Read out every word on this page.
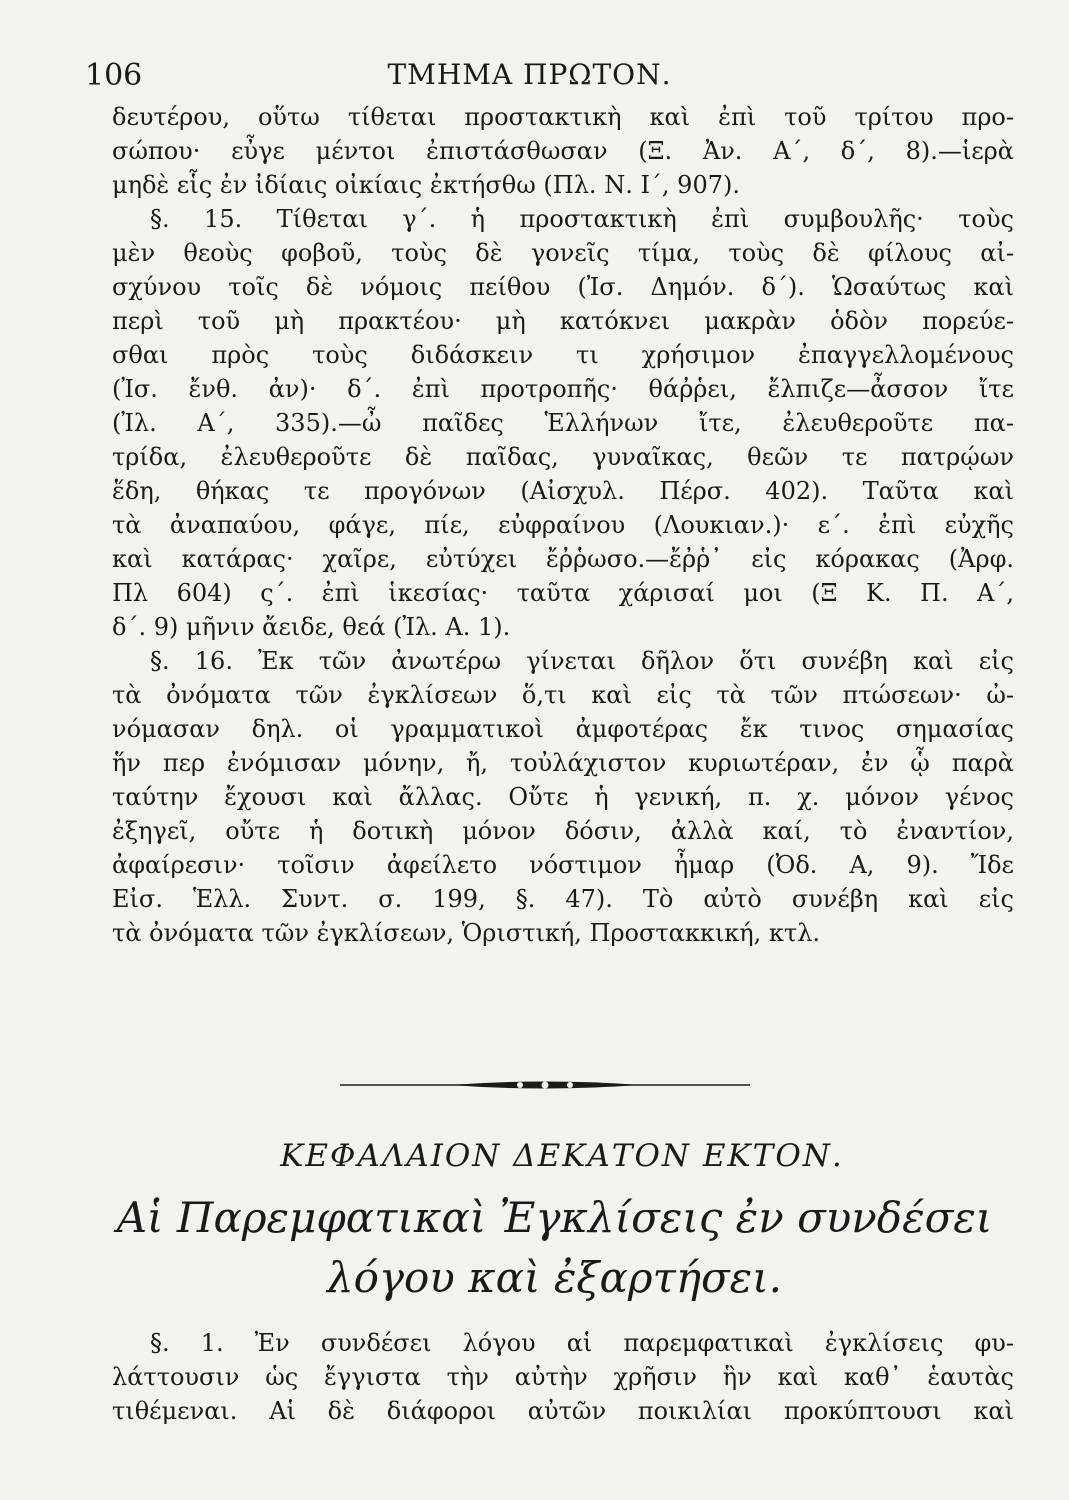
106	ΤΜΗΜΑ ΠΡΩΤΟΝ.
δευτέρου, οὕτω τίθεται προστακτικὴ καὶ ἐπὶ τοῦ τρίτου προ-
σώπου· εὖγε μέντοι ἐπιστάσθωσαν (Ξ. Ἀν. Α΄, δ΄, 8).—ἱερὰ
μηδὲ εἷς ἐν ἰδίαις οἰκίαις ἐκτήσθω (Πλ. Ν. Ι΄, 907).
§. 15. Τίθεται γ΄. ἡ προστακτικὴ ἐπὶ συμβουλῆς· τοὺς
μὲν θεοὺς φοβοῦ, τοὺς δὲ γονεῖς τίμα, τοὺς δὲ φίλους αἰ-
σχύνου τοῖς δὲ νόμοις πείθου (Ἰσ. Δημόν. δ΄). Ὡσαύτως καὶ
περὶ τοῦ μὴ πρακτέου· μὴ κατόκνει μακρὰν ὁδὸν πορεύε-
σθαι πρὸς τοὺς διδάσκειν τι χρήσιμον ἐπαγγελλομένους
(Ἰσ. ἔνθ. ἀν)· δ΄. ἐπὶ προτροπῆς· θάῤῥει, ἔλπιζε—ἆσσον ἴτε
(Ἰλ. Α΄, 335).—ὦ παῖδες Ἑλλήνων ἴτε, ἐλευθεροῦτε πα-
τρίδα, ἐλευθεροῦτε δὲ παῖδας, γυναῖκας, θεῶν τε πατρῴων
ἕδη, θήκας τε προγόνων (Αἰσχυλ. Πέρσ. 402). Ταῦτα καὶ
τὰ ἀναπαύου, φάγε, πίε, εὐφραίνου (Λουκιαν.)· ε΄. ἐπὶ εὐχῆς
καὶ κατάρας· χαῖρε, εὐτύχει ἔῤῥωσο.—ἔῤῥ᾽ εἰς κόρακας (Ἀρφ.
Πλ 604) ς΄. ἐπὶ ἱκεσίας· ταῦτα χάρισαί μοι (Ξ Κ. Π. Α΄,
δ΄. 9) μῆνιν ἄειδε, θεά (Ἰλ. Α. 1).
§. 16. Ἐκ τῶν ἀνωτέρω γίνεται δῆλον ὅτι συνέβη καὶ εἰς
τὰ ὀνόματα τῶν ἐγκλίσεων ὅ,τι καὶ εἰς τὰ τῶν πτώσεων· ὠ-
νόμασαν δηλ. οἱ γραμματικοὶ ἀμφοτέρας ἔκ τινος σημασίας
ἥν περ ἐνόμισαν μόνην, ἤ, τοὐλάχιστον κυριωτέραν, ἐν ᾧ παρὰ
ταύτην ἔχουσι καὶ ἄλλας. Οὔτε ἡ γενική, π. χ. μόνον γένος
ἐξηγεῖ, οὔτε ἡ δοτικὴ μόνον δόσιν, ἀλλὰ καί, τὸ ἐναντίον,
ἀφαίρεσιν· τοῖσιν ἀφείλετο νόστιμον ἦμαρ (Ὀδ. Α, 9). Ἴδε
Εἰσ. Ἑλλ. Συντ. σ. 199, §. 47). Τὸ αὐτὸ συνέβη καὶ εἰς
τὰ ὀνόματα τῶν ἐγκλίσεων, Ὁριστική, Προστακκική, κτλ.
ΚΕΦΑΛΑΙΟΝ ΔΕΚΑΤΟΝ ΕΚΤΟΝ.
Αἱ Παρεμφατικαὶ Ἐγκλίσεις ἐν συνδέσει
λόγου καὶ ἐξαρτήσει.
§. 1. Ἐν συνδέσει λόγου αἱ παρεμφατικαὶ ἐγκλίσεις φυ-
λάττουσιν ὡς ἔγγιστα τὴν αὐτὴν χρῆσιν ἣν καὶ καθ᾽ ἑαυτὰς
τιθέμεναι. Αἱ δὲ διάφοροι αὐτῶν ποικιλίαι προκύπτουσι καὶ
